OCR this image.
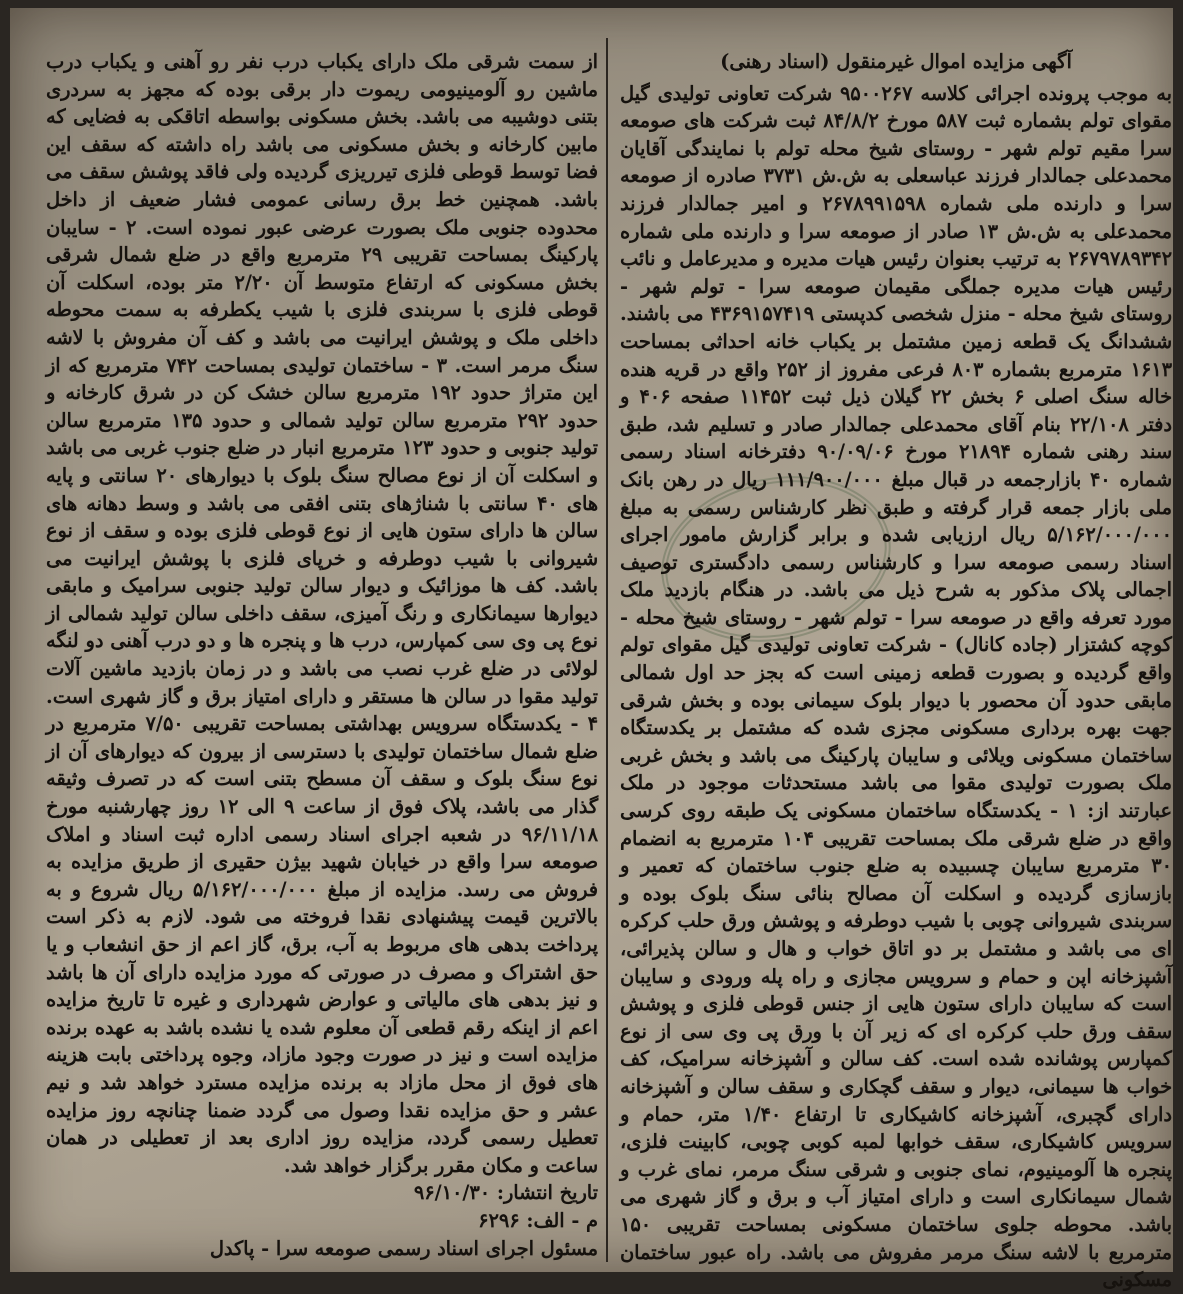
آگهی مزایده اموال غیرمنقول (اسناد رهنی)

به موجب پرونده اجرائی کلاسه ۹۵۰۰۲۶۷ شرکت تعاونی تولیدی گیل مقوای تولم بشماره ثبت ۵۸۷ مورخ ۸۴/۸/۲ ثبت شرکت های صومعه سرا مقیم تولم شهر - روستای شیخ محله تولم با نمایندگی آقایان محمدعلی جمالدار فرزند عباسعلی به ش.ش ۳۷۳۱ صادره از صومعه سرا و دارنده ملی شماره ۲۶۷۸۹۹۱۵۹۸ و امیر جمالدار فرزند محمدعلی به ش.ش ۱۳ صادر از صومعه سرا و دارنده ملی شماره ۲۶۷۹۷۸۹۳۴۲ به ترتیب بعنوان رئیس هیات مدیره و مدیرعامل و نائب رئیس هیات مدیره جملگی مقیمان صومعه سرا - تولم شهر - روستای شیخ محله - منزل شخصی کدپستی ۴۳۶۹۱۵۷۴۱۹ می باشند. ششدانگ یک قطعه زمین مشتمل بر یکباب خانه احداثی بمساحت ۱۶۱۳ مترمربع بشماره ۸۰۳ فرعی مفروز از ۲۵۲ واقع در قریه هنده خاله سنگ اصلی ۶ بخش ۲۲ گیلان ذیل ثبت ۱۱۴۵۲ صفحه ۴۰۶ و دفتر ۲۲/۱۰۸ بنام آقای محمدعلی جمالدار صادر و تسلیم شد، طبق سند رهنی شماره ۲۱۸۹۴ مورخ ۹۰/۰۹/۰۶ دفترخانه اسناد رسمی شماره ۴۰ بازارجمعه در قبال مبلغ ۱۱۱/۹۰۰/۰۰۰ ریال در رهن بانک ملی بازار جمعه قرار گرفته و طبق نظر کارشناس رسمی به مبلغ ۵/۱۶۲/۰۰۰/۰۰۰ ریال ارزیابی شده و برابر گزارش مامور اجرای اسناد رسمی صومعه سرا و کارشناس رسمی دادگستری توصیف اجمالی پلاک مذکور به شرح ذیل می باشد. در هنگام بازدید ملک مورد تعرفه واقع در صومعه سرا - تولم شهر - روستای شیخ محله - کوچه کشتزار (جاده کانال) - شرکت تعاونی تولیدی گیل مقوای تولم واقع گردیده و بصورت قطعه زمینی است که بجز حد اول شمالی مابقی حدود آن محصور با دیوار بلوک سیمانی بوده و بخش شرقی جهت بهره برداری مسکونی مجزی شده که مشتمل بر یکدستگاه ساختمان مسکونی ویلائی و سایبان پارکینگ می باشد و بخش غربی ملک بصورت تولیدی مقوا می باشد مستحدثات موجود در ملک عبارتند از: ۱ - یکدستگاه ساختمان مسکونی یک طبقه روی کرسی واقع در ضلع شرقی ملک بمساحت تقریبی ۱۰۴ مترمربع به انضمام ۳۰ مترمربع سایبان چسبیده به ضلع جنوب ساختمان که تعمیر و بازسازی گردیده و اسکلت آن مصالح بنائی سنگ بلوک بوده و سربندی شیروانی چوبی با شیب دوطرفه و پوشش ورق حلب کرکره ای می باشد و مشتمل بر دو اتاق خواب و هال و سالن پذیرائی، آشپزخانه اپن و حمام و سرویس مجازی و راه پله ورودی و سایبان است که سایبان دارای ستون هایی از جنس قوطی فلزی و پوشش سقف ورق حلب کرکره ای که زیر آن با ورق پی وی سی از نوع کمپارس پوشانده شده است. کف سالن و آشپزخانه سرامیک، کف خواب ها سیمانی، دیوار و سقف گچکاری و سقف سالن و آشپزخانه دارای گچبری، آشپزخانه کاشیکاری تا ارتفاع ۱/۴۰ متر، حمام و سرویس کاشیکاری، سقف خوابها لمبه کوبی چوبی، کابینت فلزی، پنجره ها آلومینیوم، نمای جنوبی و شرقی سنگ مرمر، نمای غرب و شمال سیمانکاری است و دارای امتیاز آب و برق و گاز شهری می باشد. محوطه جلوی ساختمان مسکونی بمساحت تقریبی ۱۵۰ مترمربع با لاشه سنگ مرمر مفروش می باشد. راه عبور ساختمان مسکونی

از سمت شرقی ملک دارای یکباب درب نفر رو آهنی و یکباب درب ماشین رو آلومینیومی ریموت دار برقی بوده که مجهز به سردری بتنی دوشیبه می باشد. بخش مسکونی بواسطه اتاقکی به فضایی که مابین کارخانه و بخش مسکونی می باشد راه داشته که سقف این فضا توسط قوطی فلزی تیرریزی گردیده ولی فاقد پوشش سقف می باشد. همچنین خط برق رسانی عمومی فشار ضعیف از داخل محدوده جنوبی ملک بصورت عرضی عبور نموده است. ۲ - سایبان پارکینگ بمساحت تقریبی ۲۹ مترمربع واقع در ضلع شمال شرقی بخش مسکونی که ارتفاع متوسط آن ۲/۲۰ متر بوده، اسکلت آن قوطی فلزی با سربندی فلزی با شیب یکطرفه به سمت محوطه داخلی ملک و پوشش ایرانیت می باشد و کف آن مفروش با لاشه سنگ مرمر است. ۳ - ساختمان تولیدی بمساحت ۷۴۲ مترمربع که از این متراژ حدود ۱۹۲ مترمربع سالن خشک کن در شرق کارخانه و حدود ۲۹۲ مترمربع سالن تولید شمالی و حدود ۱۳۵ مترمربع سالن تولید جنوبی و حدود ۱۲۳ مترمربع انبار در ضلع جنوب غربی می باشد و اسکلت آن از نوع مصالح سنگ بلوک با دیوارهای ۲۰ سانتی و پایه های ۴۰ سانتی با شناژهای بتنی افقی می باشد و وسط دهانه های سالن ها دارای ستون هایی از نوع قوطی فلزی بوده و سقف از نوع شیروانی با شیب دوطرفه و خرپای فلزی با پوشش ایرانیت می باشد. کف ها موزائیک و دیوار سالن تولید جنوبی سرامیک و مابقی دیوارها سیمانکاری و رنگ آمیزی، سقف داخلی سالن تولید شمالی از نوع پی وی سی کمپارس، درب ها و پنجره ها و دو درب آهنی دو لنگه لولائی در ضلع غرب نصب می باشد و در زمان بازدید ماشین آلات تولید مقوا در سالن ها مستقر و دارای امتیاز برق و گاز شهری است. ۴ - یکدستگاه سرویس بهداشتی بمساحت تقریبی ۷/۵۰ مترمربع در ضلع شمال ساختمان تولیدی با دسترسی از بیرون که دیوارهای آن از نوع سنگ بلوک و سقف آن مسطح بتنی است که در تصرف وثیقه گذار می باشد، پلاک فوق از ساعت ۹ الی ۱۲ روز چهارشنبه مورخ ۹۶/۱۱/۱۸ در شعبه اجرای اسناد رسمی اداره ثبت اسناد و املاک صومعه سرا واقع در خیابان شهید بیژن حقیری از طریق مزایده به فروش می رسد. مزایده از مبلغ ۵/۱۶۲/۰۰۰/۰۰۰ ریال شروع و به بالاترین قیمت پیشنهادی نقدا فروخته می شود. لازم به ذکر است پرداخت بدهی های مربوط به آب، برق، گاز اعم از حق انشعاب و یا حق اشتراک و مصرف در صورتی که مورد مزایده دارای آن ها باشد و نیز بدهی های مالیاتی و عوارض شهرداری و غیره تا تاریخ مزایده اعم از اینکه رقم قطعی آن معلوم شده یا نشده باشد به عهده برنده مزایده است و نیز در صورت وجود مازاد، وجوه پرداختی بابت هزینه های فوق از محل مازاد به برنده مزایده مسترد خواهد شد و نیم عشر و حق مزایده نقدا وصول می گردد ضمنا چنانچه روز مزایده تعطیل رسمی گردد، مزایده روز اداری بعد از تعطیلی در همان ساعت و مکان مقرر برگزار خواهد شد.

تاریخ انتشار: ۹۶/۱۰/۳۰
م - الف: ۶۲۹۶
مسئول اجرای اسناد رسمی صومعه سرا - پاکدل
